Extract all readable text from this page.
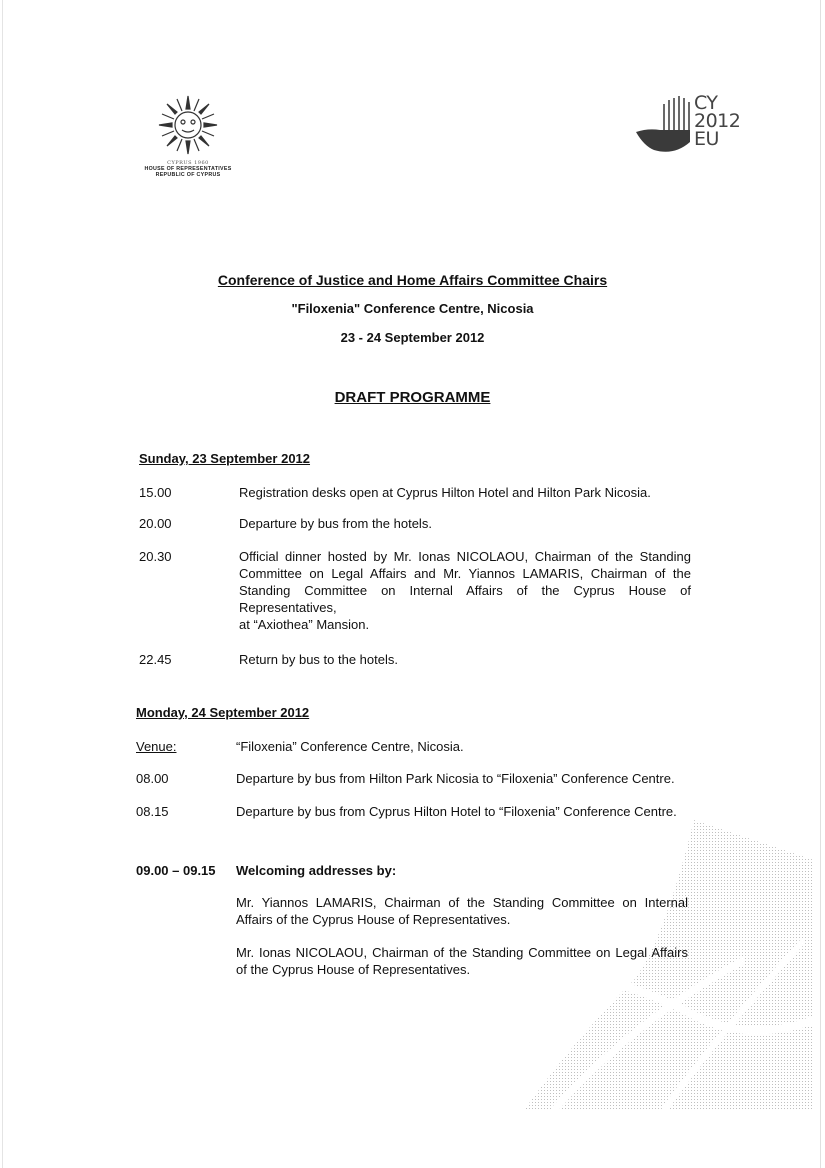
CYPRUS 1960
HOUSE OF REPRESENTATIVES
REPUBLIC OF CYPRUS
CY
2012
EU
Conference of Justice and Home Affairs Committee Chairs
"Filoxenia" Conference Centre, Nicosia
23 - 24 September 2012
DRAFT PROGRAMME
Sunday, 23 September 2012
15.00	Registration desks open at Cyprus Hilton Hotel and Hilton Park Nicosia.
20.00	Departure by bus from the hotels.
20.30	Official dinner hosted by Mr. Ionas NICOLAOU, Chairman of the Standing Committee on Legal Affairs and Mr. Yiannos LAMARIS, Chairman of the Standing Committee on Internal Affairs of the Cyprus House of Representatives,
at “Axiothea” Mansion.
22.45	Return by bus to the hotels.
Monday, 24 September 2012
Venue:	“Filoxenia” Conference Centre, Nicosia.
08.00	Departure by bus from Hilton Park Nicosia to “Filoxenia” Conference Centre.
08.15	Departure by bus from Cyprus Hilton Hotel to “Filoxenia” Conference Centre.
09.00 – 09.15 Welcoming addresses by:
Mr. Yiannos LAMARIS, Chairman of the Standing Committee on Internal Affairs of the Cyprus House of Representatives.
Mr. Ionas NICOLAOU, Chairman of the Standing Committee on Legal Affairs of the Cyprus House of Representatives.
